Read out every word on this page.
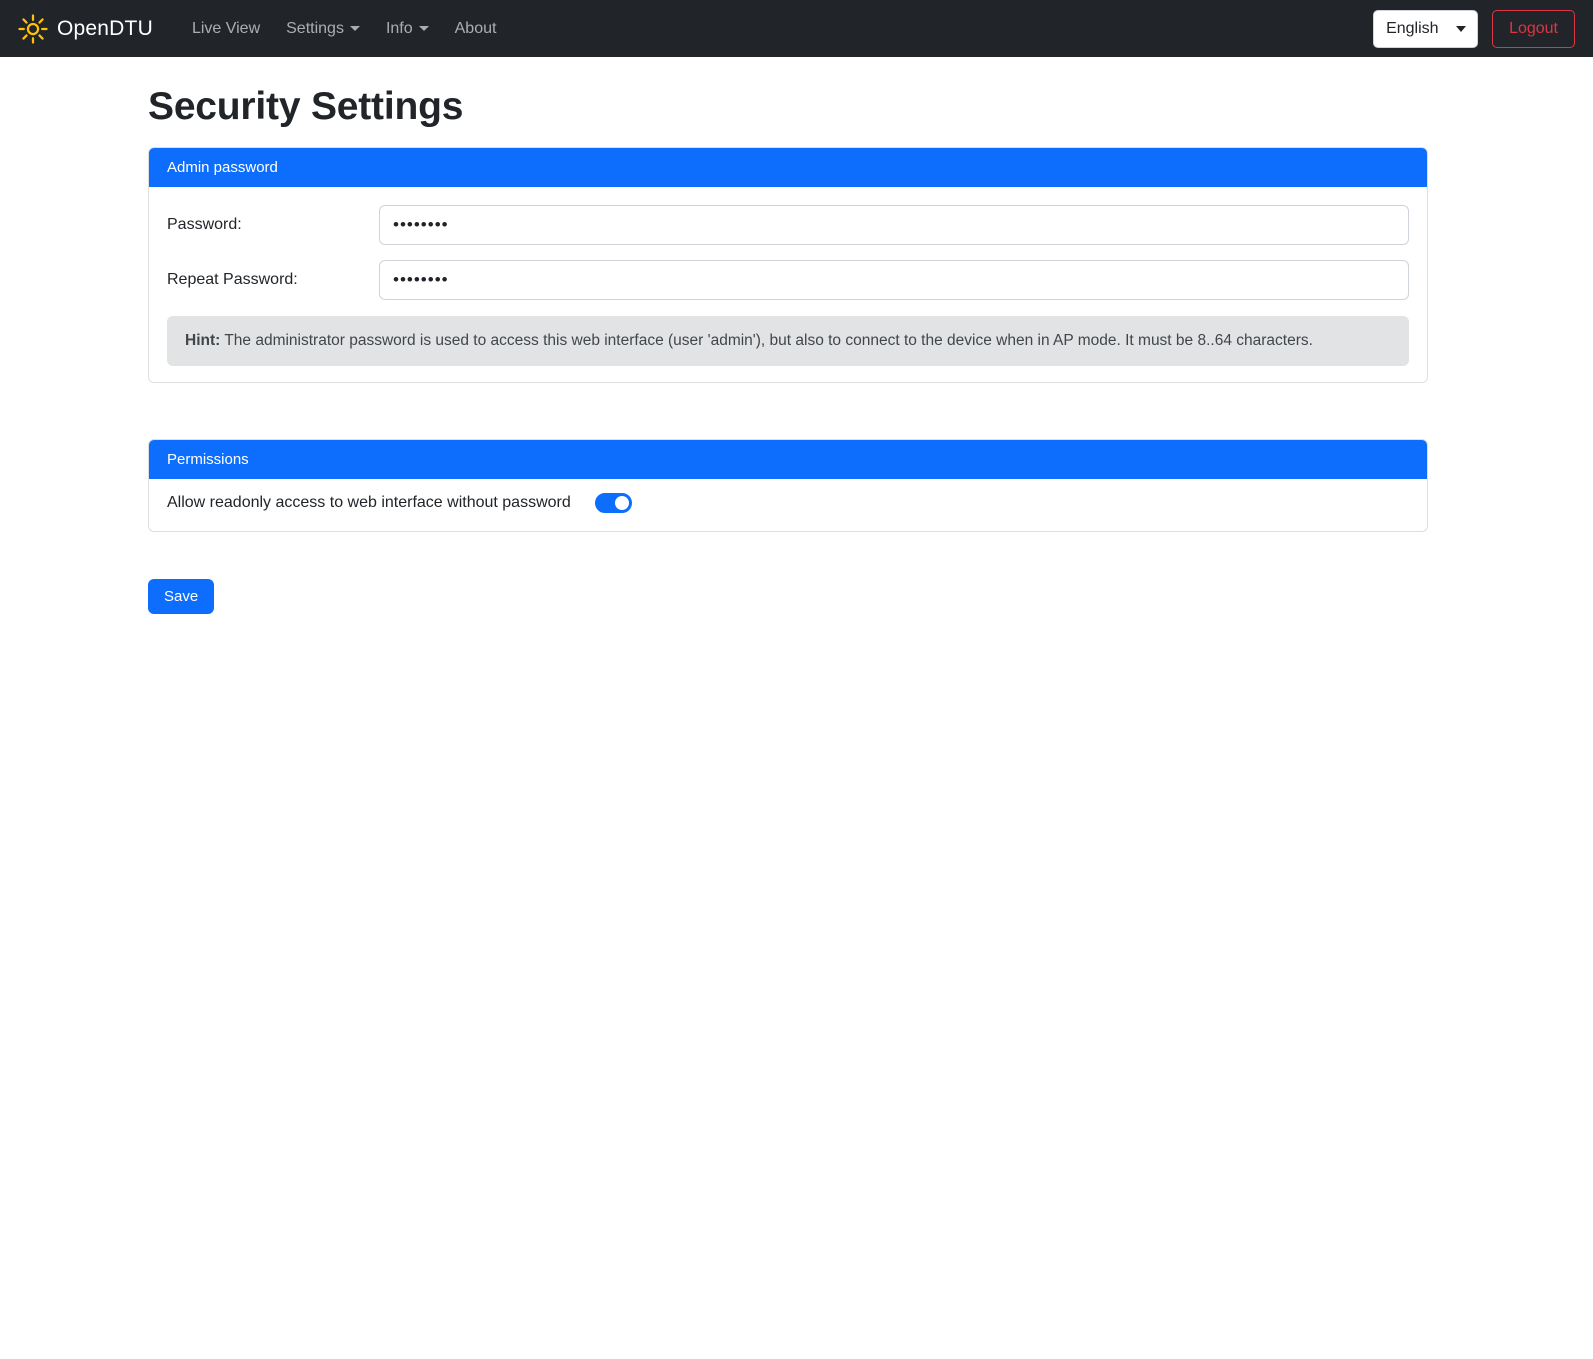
OpenDTU Live View Settings	Info	About
English	Logout
Security Settings
Admin password
Password:
••••••••
Repeat Password:
••••••••
Hint: The administrator password is used to access this web interface (user 'admin'), but also to connect to the device when in AP mode. It must be 8..64 characters.
Permissions
Allow readonly access to web interface without password
Save
